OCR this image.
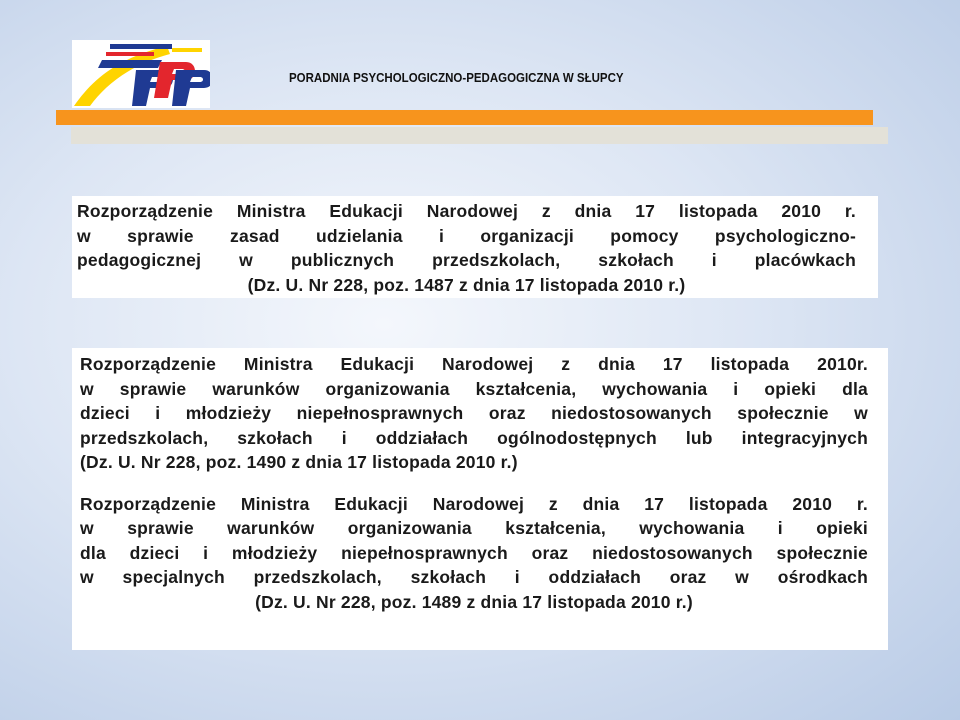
PPP
PORADNIA PSYCHOLOGICZNO-PEDAGOGICZNA W SŁUPCY

Rozporządzenie Ministra Edukacji Narodowej z dnia 17 listopada 2010 r.
w sprawie zasad udzielania i organizacji pomocy psychologiczno-
pedagogicznej w publicznych przedszkolach, szkołach i placówkach
(Dz. U. Nr 228, poz. 1487 z dnia 17 listopada 2010 r.)

Rozporządzenie Ministra Edukacji Narodowej z dnia 17 listopada 2010r.
w sprawie warunków organizowania kształcenia, wychowania i opieki dla
dzieci i młodzieży niepełnosprawnych oraz niedostosowanych społecznie w
przedszkolach, szkołach i oddziałach ogólnodostępnych lub integracyjnych
(Dz. U. Nr 228, poz. 1490 z dnia 17 listopada 2010 r.)

Rozporządzenie Ministra Edukacji Narodowej z dnia 17 listopada 2010 r.
w sprawie warunków organizowania kształcenia, wychowania i opieki
dla dzieci i młodzieży niepełnosprawnych oraz niedostosowanych społecznie
w specjalnych przedszkolach, szkołach i oddziałach oraz w ośrodkach
(Dz. U. Nr 228, poz. 1489 z dnia 17 listopada 2010 r.)
